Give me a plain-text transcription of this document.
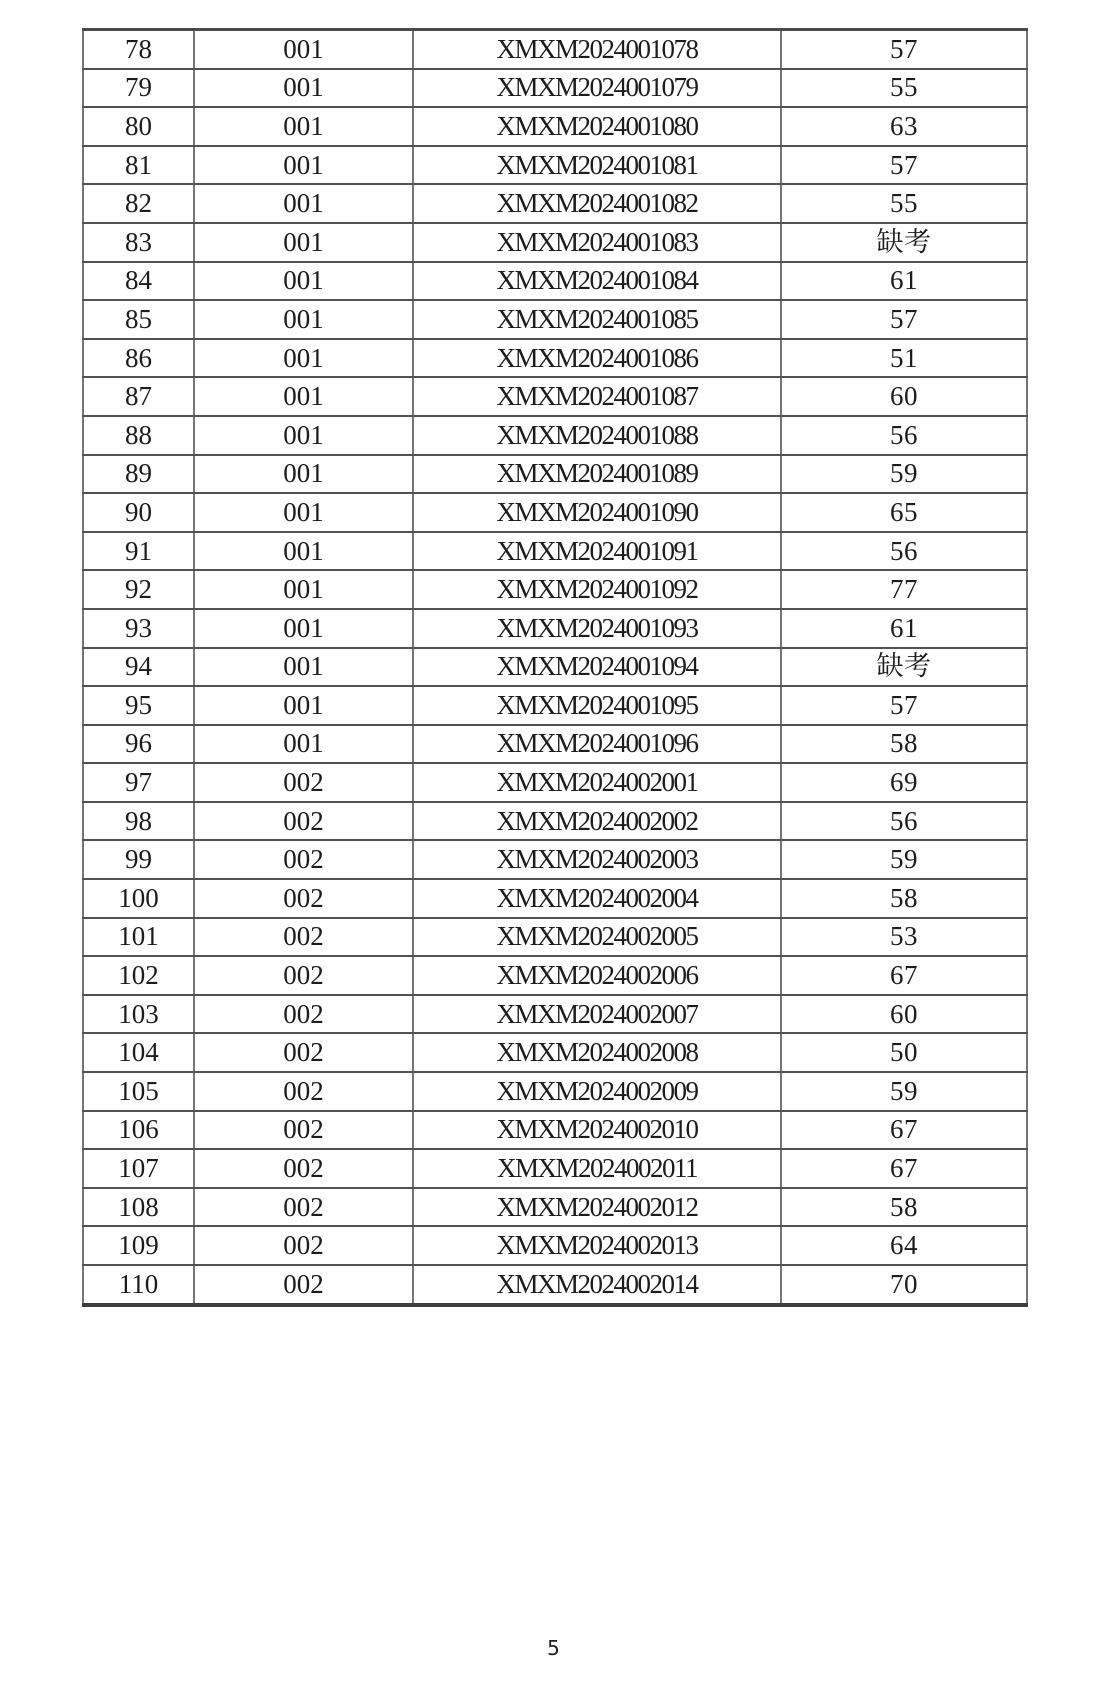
78	001	XMXM2024001078	57
79	001	XMXM2024001079	55
80	001	XMXM2024001080	63
81	001	XMXM2024001081	57
82	001	XMXM2024001082	55
83	001	XMXM2024001083	缺考
84	001	XMXM2024001084	61
85	001	XMXM2024001085	57
86	001	XMXM2024001086	51
87	001	XMXM2024001087	60
88	001	XMXM2024001088	56
89	001	XMXM2024001089	59
90	001	XMXM2024001090	65
91	001	XMXM2024001091	56
92	001	XMXM2024001092	77
93	001	XMXM2024001093	61
94	001	XMXM2024001094	缺考
95	001	XMXM2024001095	57
96	001	XMXM2024001096	58
97	002	XMXM2024002001	69
98	002	XMXM2024002002	56
99	002	XMXM2024002003	59
100	002	XMXM2024002004	58
101	002	XMXM2024002005	53
102	002	XMXM2024002006	67
103	002	XMXM2024002007	60
104	002	XMXM2024002008	50
105	002	XMXM2024002009	59
106	002	XMXM2024002010	67
107	002	XMXM2024002011	67
108	002	XMXM2024002012	58
109	002	XMXM2024002013	64
110	002	XMXM2024002014	70
5
